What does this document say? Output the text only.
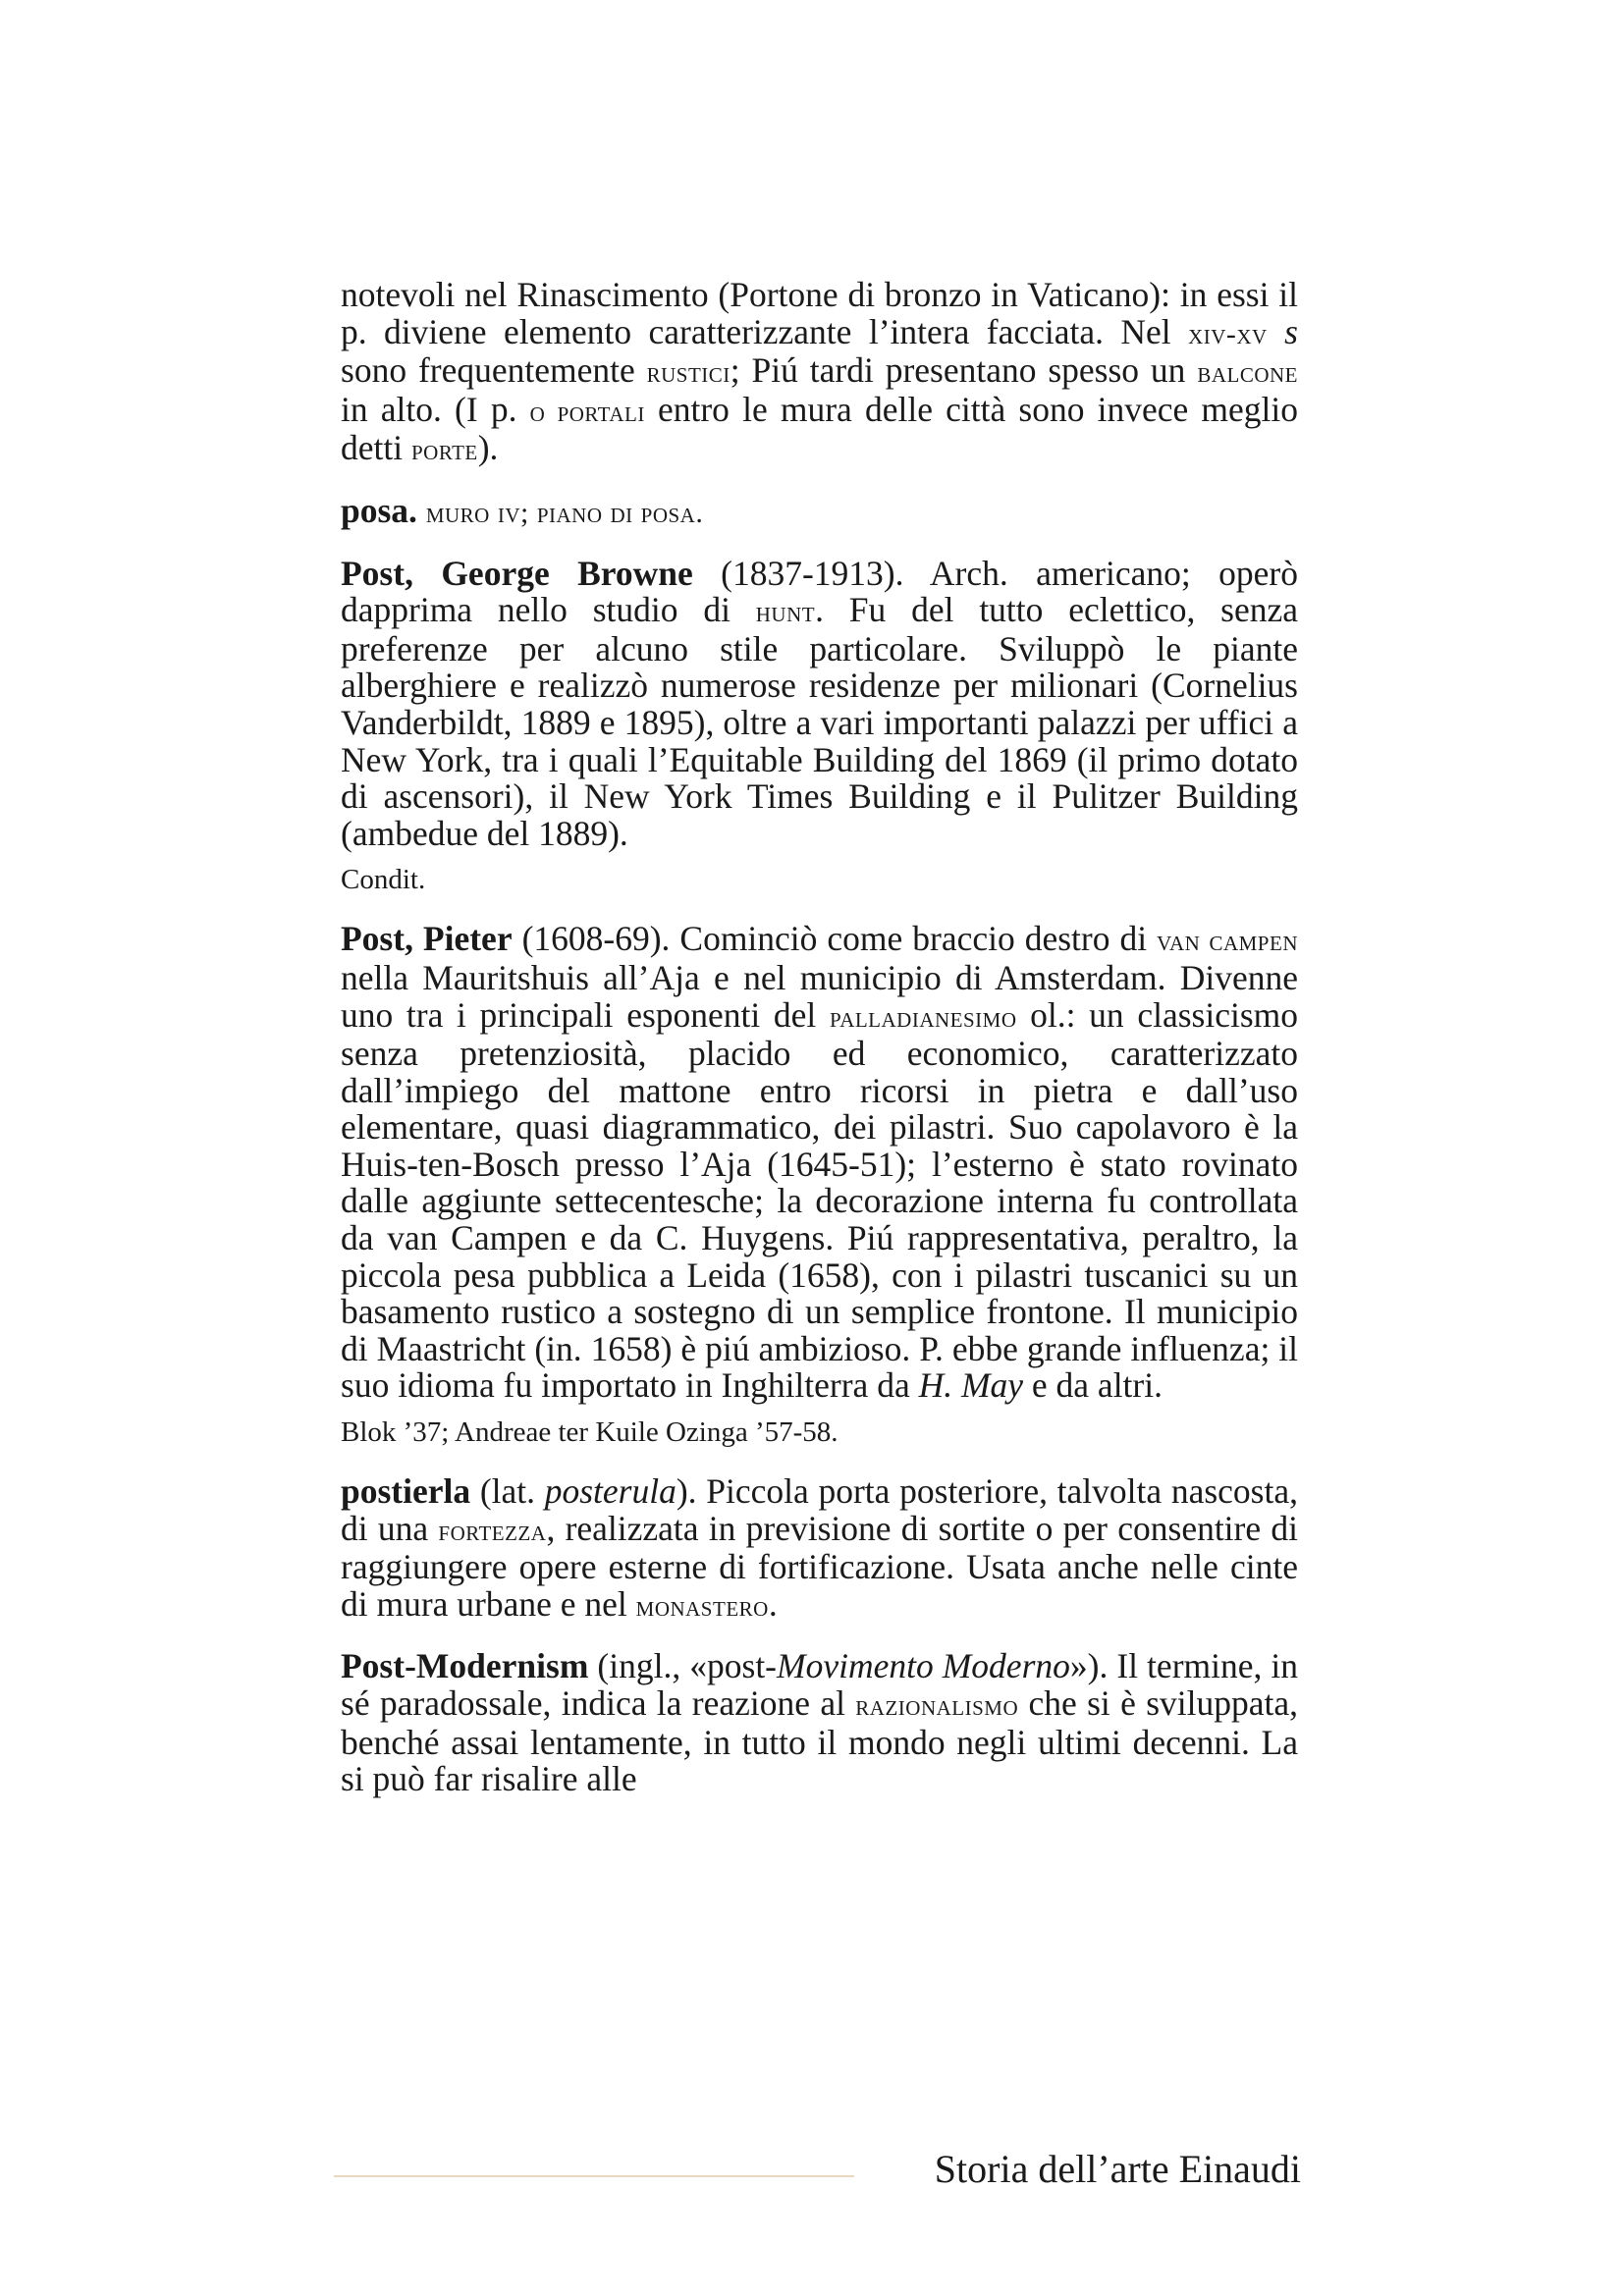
notevoli nel Rinascimento (Portone di bronzo in Vaticano): in essi il p. diviene elemento caratterizzante l’intera facciata. Nel xiv-xv s sono frequentemente rustici; Piú tardi presentano spesso un balcone in alto. (I p. o portali entro le mura delle città sono invece meglio detti porte).

posa. muro iv; piano di posa.

Post, George Browne (1837-1913). Arch. americano; operò dapprima nello studio di hunt. Fu del tutto eclettico, senza preferenze per alcuno stile particolare. Sviluppò le piante alberghiere e realizzò numerose residenze per milionari (Cornelius Vanderbildt, 1889 e 1895), oltre a vari importanti palazzi per uffici a New York, tra i quali l’Equitable Building del 1869 (il primo dotato di ascensori), il New York Times Building e il Pulitzer Building (ambedue del 1889).

Condit.

Post, Pieter (1608-69). Cominciò come braccio destro di van campen nella Mauritshuis all’Aja e nel municipio di Amsterdam. Divenne uno tra i principali esponenti del palladianesimo ol.: un classicismo senza pretenziosità, placido ed economico, caratterizzato dall’impiego del mattone entro ricorsi in pietra e dall’uso elementare, quasi diagrammatico, dei pilastri. Suo capolavoro è la Huis-ten-Bosch presso l’Aja (1645-51); l’esterno è stato rovinato dalle aggiunte settecentesche; la decorazione interna fu controllata da van Campen e da C. Huygens. Piú rappresentativa, peraltro, la piccola pesa pubblica a Leida (1658), con i pilastri tuscanici su un basamento rustico a sostegno di un semplice frontone. Il municipio di Maastricht (in. 1658) è piú ambizioso. P. ebbe grande influenza; il suo idioma fu importato in Inghilterra da H. May e da altri.

Blok ’37; Andreae ter Kuile Ozinga ’57-58.

postierla (lat. posterula). Piccola porta posteriore, talvolta nascosta, di una fortezza, realizzata in previsione di sortite o per consentire di raggiungere opere esterne di fortificazione. Usata anche nelle cinte di mura urbane e nel monastero.

Post-Modernism (ingl., «post-Movimento Moderno»). Il termine, in sé paradossale, indica la reazione al razionalismo che si è sviluppata, benché assai lentamente, in tutto il mondo negli ultimi decenni. La si può far risalire alle

Storia dell’arte Einaudi
